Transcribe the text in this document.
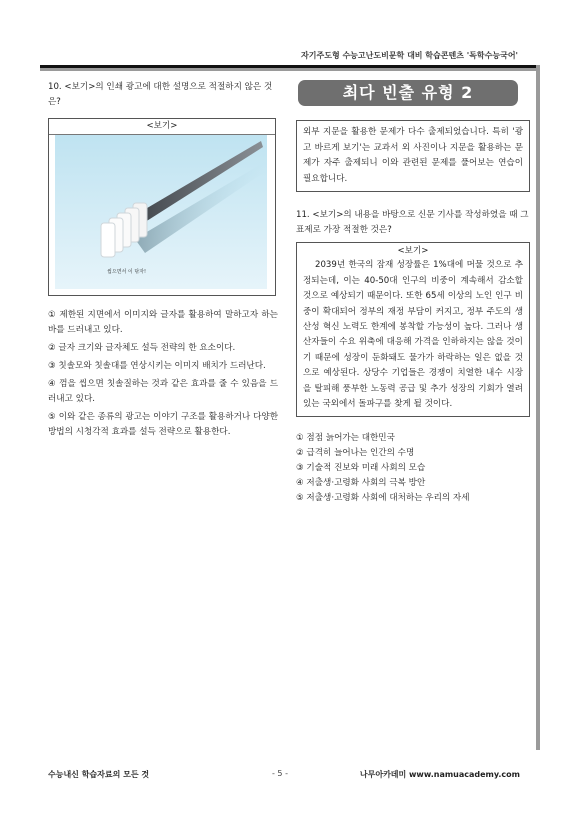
자기주도형 수능고난도비문학 대비 학습콘텐츠 '독학수능국어'
10. <보기>의 인쇄 광고에 대한 설명으로 적절하지 않은 것은?
<보기>
씹으면서 이 닦자!
① 제한된 지면에서 이미지와 글자를 활용하여 말하고자 하는 바를 드러내고 있다.
② 글자 크기와 글자체도 설득 전략의 한 요소이다.
③ 칫솔모와 칫솔대를 연상시키는 이미지 배치가 드러난다.
④ 껌을 씹으면 칫솔질하는 것과 같은 효과를 줄 수 있음을 드러내고 있다.
⑤ 이와 같은 종류의 광고는 이야기 구조를 활용하거나 다양한 방법의 시청각적 효과를 설득 전략으로 활용한다.
최다 빈출 유형 2
외부 지문을 활용한 문제가 다수 출제되었습니다. 특히 '광고 바르게 보기'는 교과서 외 사진이나 지문을 활용하는 문제가 자주 출제되니 이와 관련된 문제를 풀어보는 연습이 필요합니다.
11. <보기>의 내용을 바탕으로 신문 기사를 작성하였을 때 그 표제로 가장 적절한 것은?
<보기>
2039년 한국의 잠재 성장률은 1%대에 머물 것으로 추정되는데, 이는 40-50대 인구의 비중이 계속해서 감소할 것으로 예상되기 때문이다. 또한 65세 이상의 노인 인구 비중이 확대되어 정부의 재정 부담이 커지고, 정부 주도의 생산성 혁신 노력도 한계에 봉착할 가능성이 높다. 그러나 생산자들이 수요 위축에 대응해 가격을 인하하지는 않을 것이기 때문에 성장이 둔화돼도 물가가 하락하는 일은 없을 것으로 예상된다. 상당수 기업들은 경쟁이 치열한 내수 시장을 탈피해 풍부한 노동력 공급 및 추가 성장의 기회가 열려 있는 국외에서 돌파구를 찾게 될 것이다.
① 점점 늙어가는 대한민국
② 급격히 늘어나는 인간의 수명
③ 기술적 진보와 미래 사회의 모습
④ 저출생·고령화 사회의 극복 방안
⑤ 저출생·고령화 사회에 대처하는 우리의 자세
수능내신 학습자료의 모든 것	- 5 -	나무아카데미 www.namuacademy.com
